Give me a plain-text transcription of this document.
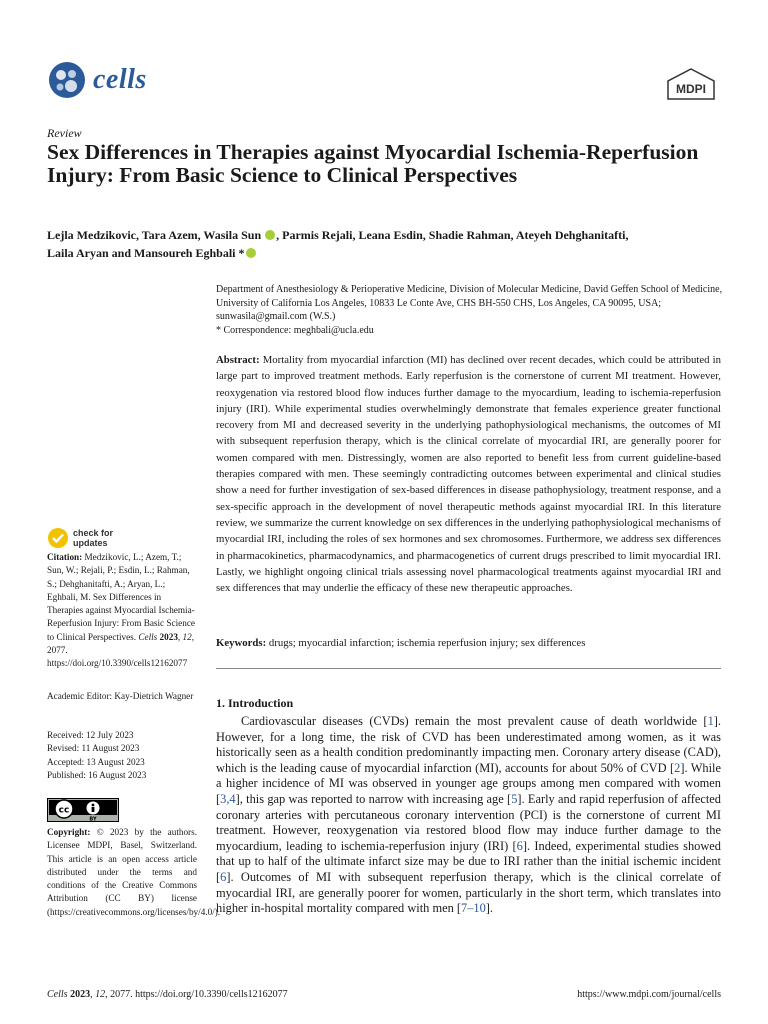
cells	MDPI
Review
Sex Differences in Therapies against Myocardial Ischemia-Reperfusion Injury: From Basic Science to Clinical Perspectives
Lejla Medzikovic, Tara Azem, Wasila Sun , Parmis Rejali, Leana Esdin, Shadie Rahman, Ateyeh Dehghanitafti,
Laila Aryan and Mansoureh Eghbali *
Department of Anesthesiology & Perioperative Medicine, Division of Molecular Medicine, David Geffen School of Medicine, University of California Los Angeles, 10833 Le Conte Ave, CHS BH-550 CHS, Los Angeles, CA 90095, USA; sunwasila@gmail.com (W.S.)
* Correspondence: meghbali@ucla.edu
Abstract: Mortality from myocardial infarction (MI) has declined over recent decades, which could be attributed in large part to improved treatment methods. Early reperfusion is the cornerstone of current MI treatment. However, reoxygenation via restored blood flow induces further damage to the myocardium, leading to ischemia-reperfusion injury (IRI). While experimental studies overwhelmingly demonstrate that females experience greater functional recovery from MI and decreased severity in the underlying pathophysiological mechanisms, the outcomes of MI with subsequent reperfusion therapy, which is the clinical correlate of myocardial IRI, are generally poorer for women compared with men. Distressingly, women are also reported to benefit less from current guideline-based therapies compared with men. These seemingly contradicting outcomes between experimental and clinical studies show a need for further investigation of sex-based differences in disease pathophysiology, treatment response, and a sex-specific approach in the development of novel therapeutic methods against myocardial IRI. In this literature review, we summarize the current knowledge on sex differences in the underlying pathophysiological mechanisms of myocardial IRI, including the roles of sex hormones and sex chromosomes. Furthermore, we address sex differences in pharmacokinetics, pharmacodynamics, and pharmacogenetics of current drugs prescribed to limit myocardial IRI. Lastly, we highlight ongoing clinical trials assessing novel pharmacological treatments against myocardial IRI and sex differences that may underlie the efficacy of these new therapeutic approaches.
Keywords: drugs; myocardial infarction; ischemia reperfusion injury; sex differences
1. Introduction

Cardiovascular diseases (CVDs) remain the most prevalent cause of death worldwide [1]. However, for a long time, the risk of CVD has been underestimated among women, as it was historically seen as a health condition predominantly impacting men. Coronary artery disease (CAD), which is the leading cause of myocardial infarction (MI), accounts for about 50% of CVD [2]. While a higher incidence of MI was observed in younger age groups among men compared with women [3,4], this gap was reported to narrow with increasing age [5]. Early and rapid reperfusion of affected coronary arteries with percutaneous coronary intervention (PCI) is the cornerstone of current MI treatment. However, reoxygenation via restored blood flow may induce further damage to the myocardium, leading to ischemia-reperfusion injury (IRI) [6]. Indeed, experimental studies showed that up to half of the ultimate infarct size may be due to IRI rather than the initial ischemic incident [6]. Outcomes of MI with subsequent reperfusion therapy, which is the clinical correlate of myocardial IRI, are generally poorer for women, particularly in the short term, which translates into higher in-hospital mortality compared with men [7–10].

check for
updates
Citation: Medzikovic, L.; Azem, T.; Sun, W.; Rejali, P.; Esdin, L.; Rahman, S.; Dehghanitafti, A.; Aryan, L.; Eghbali, M. Sex Differences in Therapies against Myocardial Ischemia-Reperfusion Injury: From Basic Science to Clinical Perspectives. Cells 2023, 12, 2077. https://doi.org/10.3390/cells12162077
Academic Editor: Kay-Dietrich Wagner
Received: 12 July 2023
Revised: 11 August 2023
Accepted: 13 August 2023
Published: 16 August 2023
cc
BY
Copyright: © 2023 by the authors. Licensee MDPI, Basel, Switzerland. This article is an open access article distributed under the terms and conditions of the Creative Commons Attribution (CC BY) license (https://creativecommons.org/licenses/by/4.0/).
Cells 2023, 12, 2077. https://doi.org/10.3390/cells12162077	https://www.mdpi.com/journal/cells
